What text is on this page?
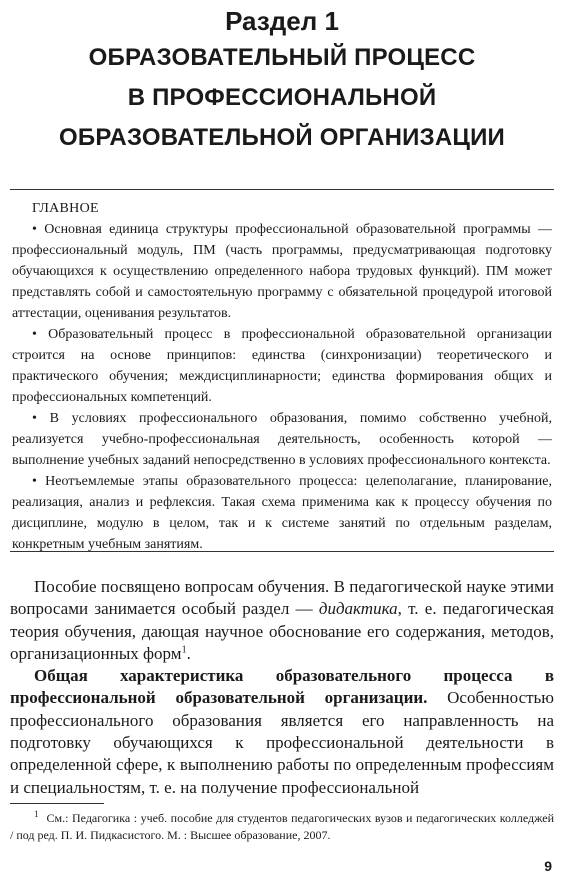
Раздел 1
ОБРАЗОВАТЕЛЬНЫЙ ПРОЦЕСС
В ПРОФЕССИОНАЛЬНОЙ
ОБРАЗОВАТЕЛЬНОЙ ОРГАНИЗАЦИИ
ГЛАВНОЕ

• Основная единица структуры профессиональной образовательной программы — профессиональный модуль, ПМ (часть программы, предусматривающая подготовку обучающихся к осуществлению определенного набора трудовых функций). ПМ может представлять собой и самостоятельную программу с обязательной процедурой итоговой аттестации, оценивания результатов.

• Образовательный процесс в профессиональной образовательной организации строится на основе принципов: единства (синхронизации) теоретического и практического обучения; междисциплинарности; единства формирования общих и профессиональных компетенций.

• В условиях профессионального образования, помимо собственно учебной, реализуется учебно-профессиональная деятельность, особенность которой — выполнение учебных заданий непосредственно в условиях профессионального контекста.

• Неотъемлемые этапы образовательного процесса: целеполагание, планирование, реализация, анализ и рефлексия. Такая схема применима как к процессу обучения по дисциплине, модулю в целом, так и к системе занятий по отдельным разделам, конкретным учебным занятиям.

Пособие посвящено вопросам обучения. В педагогической науке этими вопросами занимается особый раздел — дидактика, т. е. педагогическая теория обучения, дающая научное обоснование его содержания, методов, организационных форм$^1$.

Общая характеристика образовательного процесса в профессиональной образовательной организации. Особенностью профессионального образования является его направленность на подготовку обучающихся к профессиональной деятельности в определенной сфере, к выполнению работы по определенным профессиям и специальностям, т. е. на получение профессиональной

$^1$ См.: Педагогика : учеб. пособие для студентов педагогических вузов и педагогических колледжей / под ред. П. И. Пидкасистого. М. : Высшее образование, 2007.
9
